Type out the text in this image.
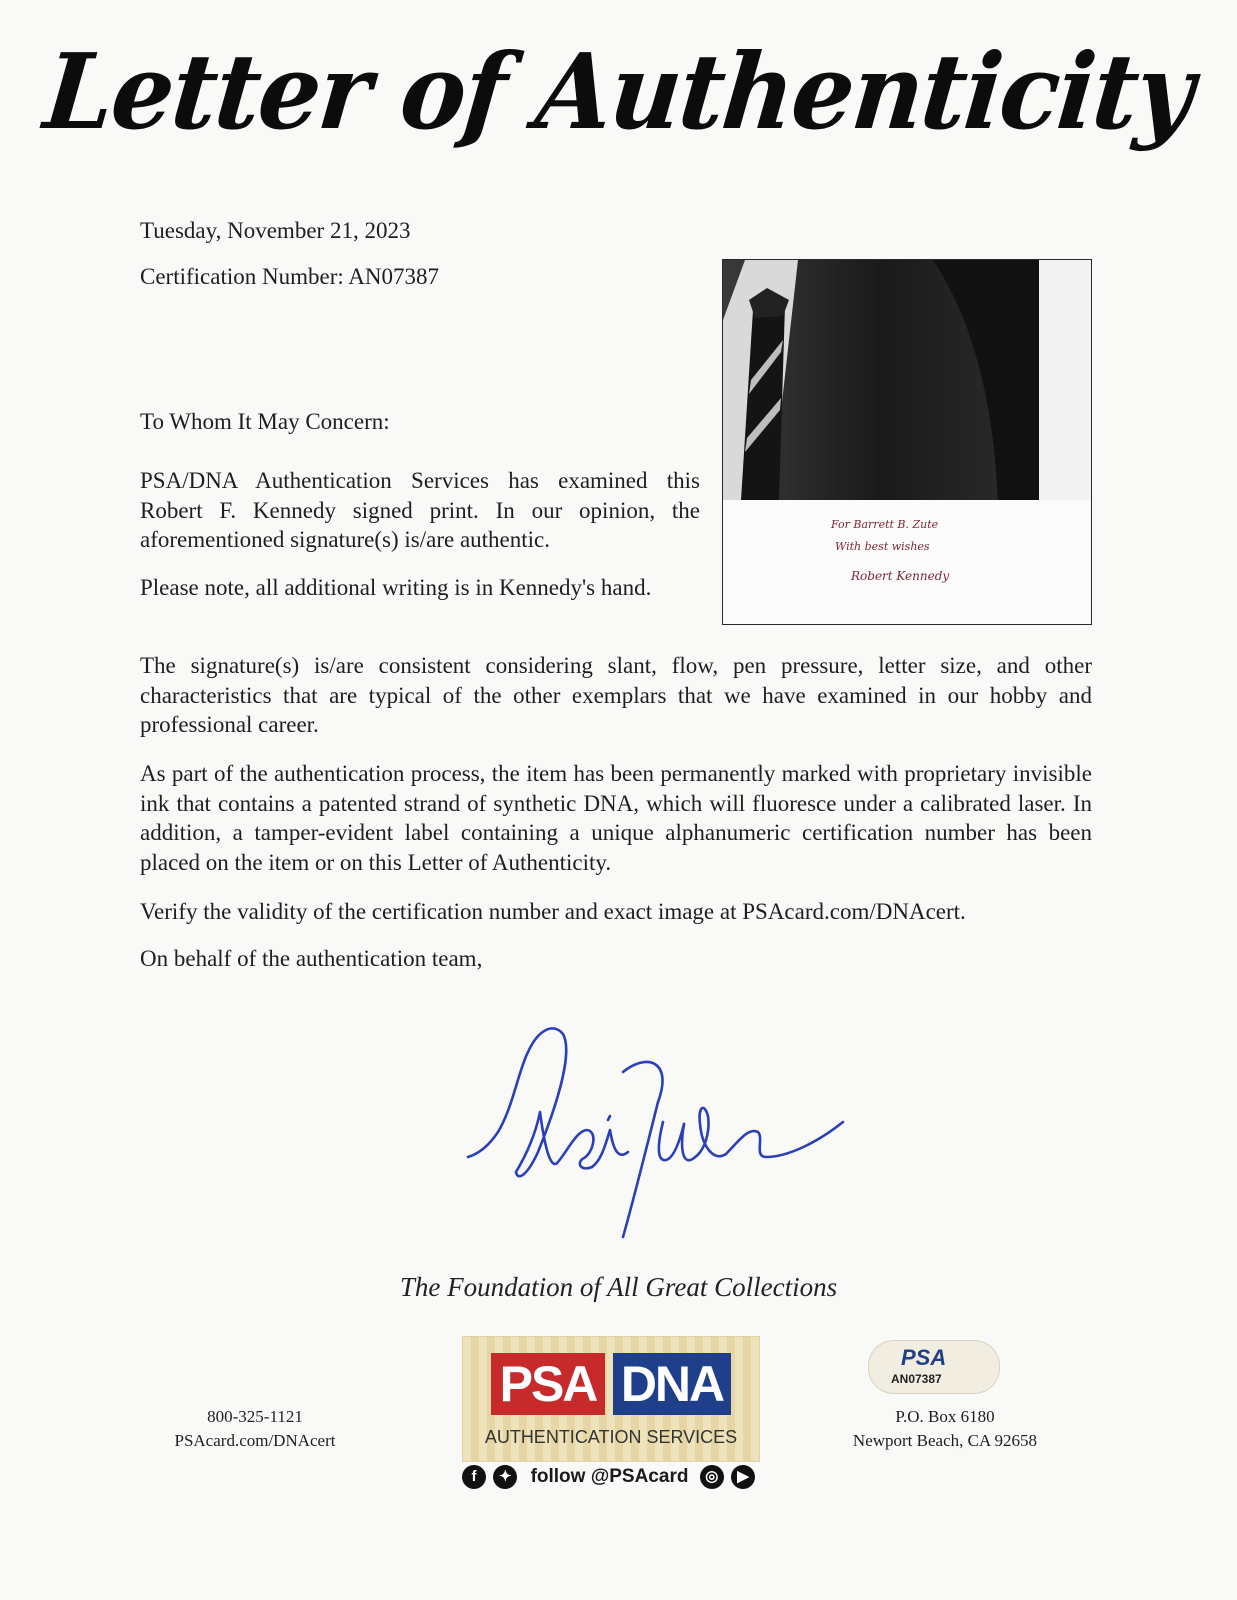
Letter of Authenticity
Tuesday, November 21, 2023
Certification Number: AN07387
For Barrett B. Zute
With best wishes
Robert Kennedy
To Whom It May Concern:
PSA/DNA Authentication Services has examined this Robert F. Kennedy signed print. In our opinion, the aforementioned signature(s) is/are authentic.
Please note, all additional writing is in Kennedy's hand.
The signature(s) is/are consistent considering slant, flow, pen pressure, letter size, and other characteristics that are typical of the other exemplars that we have examined in our hobby and professional career.
As part of the authentication process, the item has been permanently marked with proprietary invisible ink that contains a patented strand of synthetic DNA, which will fluoresce under a calibrated laser. In addition, a tamper-evident label containing a unique alphanumeric certification number has been placed on the item or on this Letter of Authenticity.
Verify the validity of the certification number and exact image at PSAcard.com/DNAcert.
On behalf of the authentication team,
The Foundation of All Great Collections
800-325-1121
PSAcard.com/DNAcert
PSA DNA
AUTHENTICATION SERVICES
f ✦ follow @PSAcard ◎ ▶
PSA
AN07387
P.O. Box 6180
Newport Beach, CA 92658
